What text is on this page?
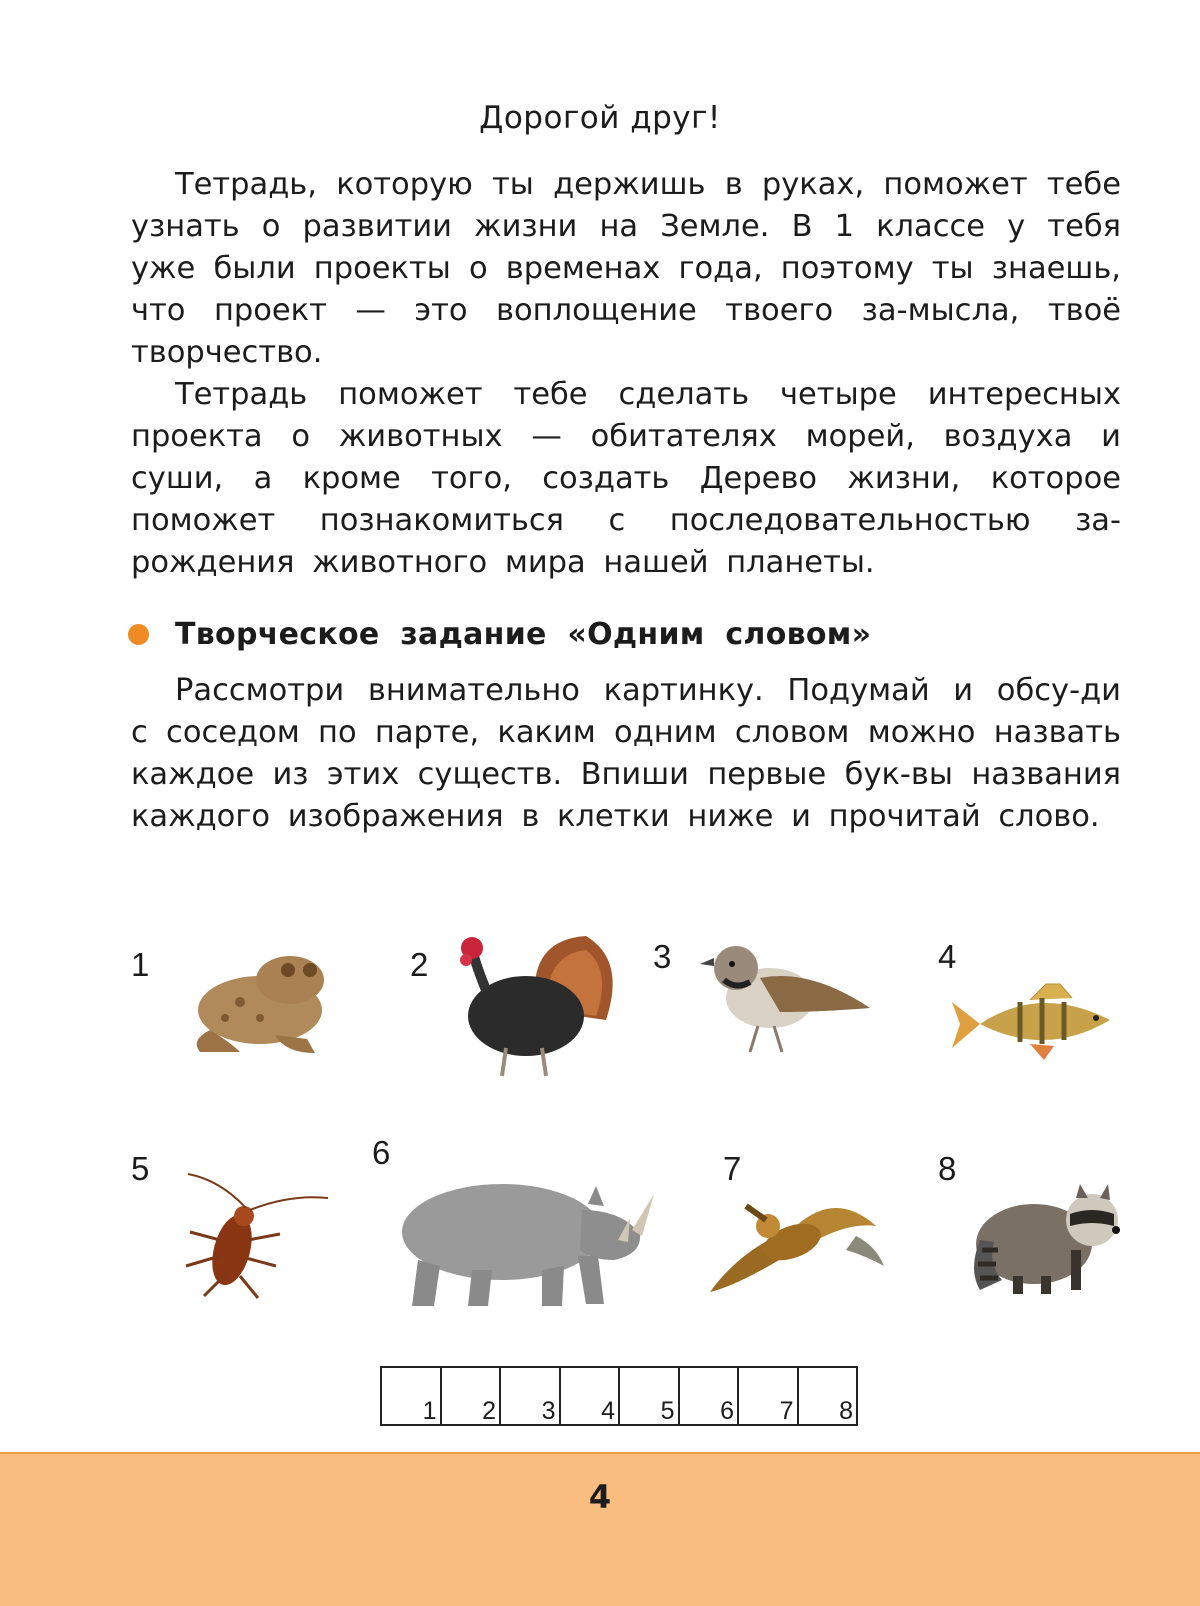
Дорогой друг!

Тетрадь, которую ты держишь в руках, поможет тебе узнать о развитии жизни на Земле. В 1 классе у тебя уже были проекты о временах года, поэтому ты знаешь, что проект — это воплощение твоего за-мысла, твоё творчество.

Тетрадь поможет тебе сделать четыре интересных проекта о животных — обитателях морей, воздуха и суши, а кроме того, создать Дерево жизни, которое поможет познакомиться с последовательностью за-рождения животного мира нашей планеты.

Творческое задание «Одним словом»

Рассмотри внимательно картинку. Подумай и обсу-ди с соседом по парте, каким одним словом можно назвать каждое из этих существ. Впиши первые бук-вы названия каждого изображения в клетки ниже и прочитай слово.

1	2	3	4
5	6	7	8
1 2 3 4 5 6 7 8
4
